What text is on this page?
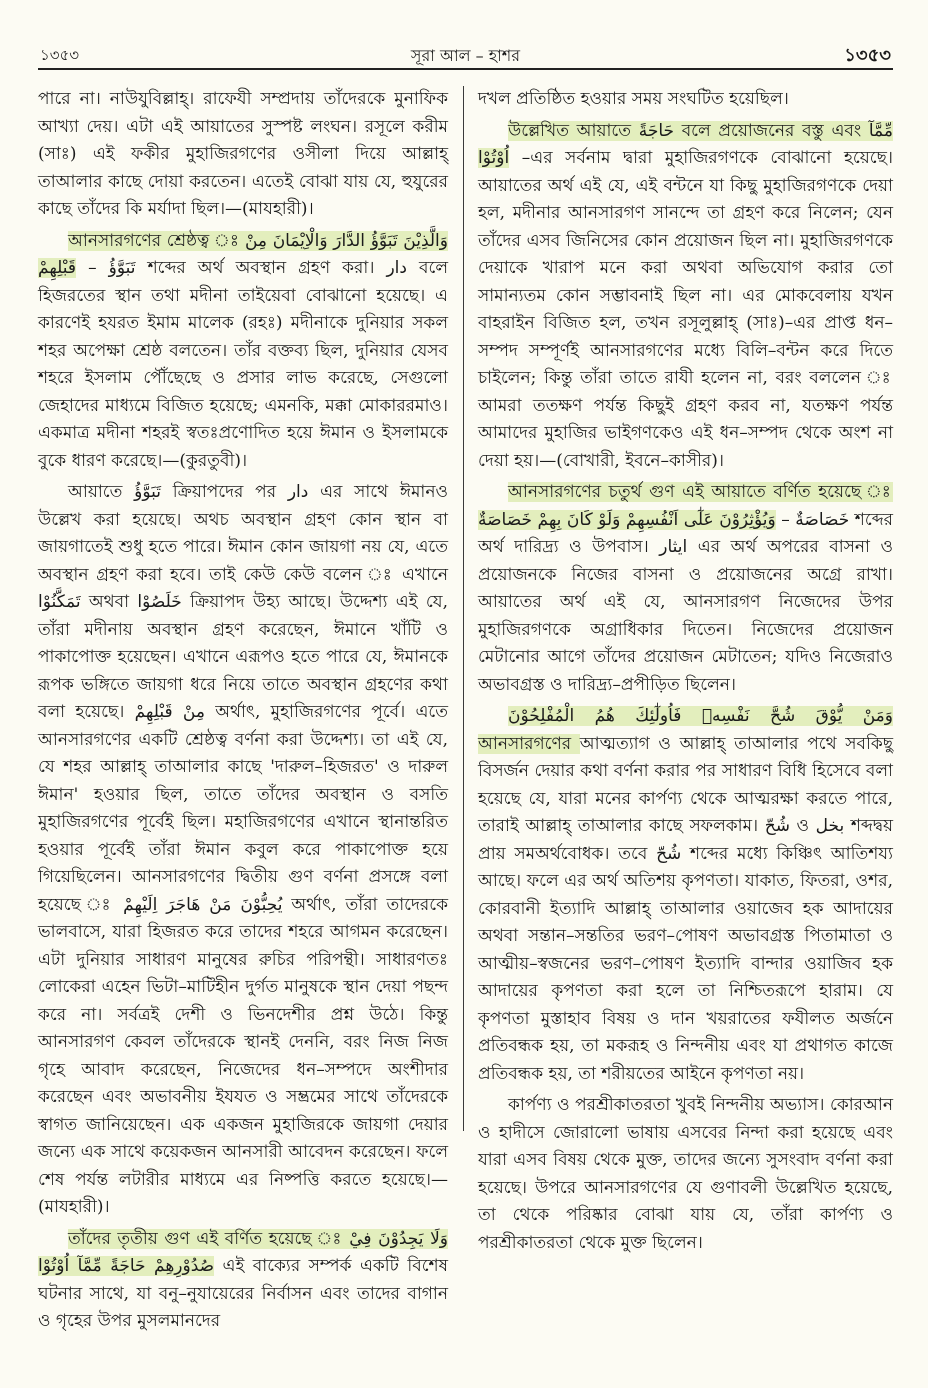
১৩৫৩	সূরা আল – হাশর	১৩৫৩

পারে না। নাউযুবিল্লাহ্। রাফেযী সম্প্রদায় তাঁদেরকে মুনাফিক আখ্যা দেয়। এটা এই আয়াতের সুস্পষ্ট লংঘন। রসূলে করীম (সাঃ) এই ফকীর মুহাজিরগণের ওসীলা দিয়ে আল্লাহ্ তাআলার কাছে দোয়া করতেন। এতেই বোঝা যায় যে, হুযুরের কাছে তাঁদের কি মর্যাদা ছিল।—(মাযহারী)।

আনসারগণের শ্রেষ্ঠত্ব ঃ وَالَّذِيْنَ تَبَوَّؤُ الدَّارَ وَالْاِيْمَانَ مِنْ قَبْلِهِمْ – تَبَوَّؤُ শব্দের অর্থ অবস্থান গ্রহণ করা। دار বলে হিজরতের স্থান তথা মদীনা তাইয়েবা বোঝানো হয়েছে। এ কারণেই হযরত ইমাম মালেক (রহঃ) মদীনাকে দুনিয়ার সকল শহর অপেক্ষা শ্রেষ্ঠ বলতেন। তাঁর বক্তব্য ছিল, দুনিয়ার যেসব শহরে ইসলাম পৌঁছেছে ও প্রসার লাভ করেছে, সেগুলো জেহাদের মাধ্যমে বিজিত হয়েছে; এমনকি, মক্কা মোকাররমাও। একমাত্র মদীনা শহরই স্বতঃপ্রণোদিত হয়ে ঈমান ও ইসলামকে বুকে ধারণ করেছে।—(কুরতুবী)।

আয়াতে تَبَوَّؤُ ক্রিয়াপদের পর دار এর সাথে ঈমানও উল্লেখ করা হয়েছে। অথচ অবস্থান গ্রহণ কোন স্থান বা জায়গাতেই শুধু হতে পারে। ঈমান কোন জায়গা নয় যে, এতে অবস্থান গ্রহণ করা হবে। তাই কেউ কেউ বলেন ঃ এখানে تَمَكَّنُوْا অথবা خَلَصُوْا ক্রিয়াপদ উহ্য আছে। উদ্দেশ্য এই যে, তাঁরা মদীনায় অবস্থান গ্রহণ করেছেন, ঈমানে খাঁটি ও পাকাপোক্ত হয়েছেন। এখানে এরূপও হতে পারে যে, ঈমানকে রূপক ভঙ্গিতে জায়গা ধরে নিয়ে তাতে অবস্থান গ্রহণের কথা বলা হয়েছে। مِنْ قَبْلِهِمْ অর্থাৎ, মুহাজিরগণের পূর্বে। এতে আনসারগণের একটি শ্রেষ্ঠত্ব বর্ণনা করা উদ্দেশ্য। তা এই যে, যে শহর আল্লাহ্ তাআলার কাছে 'দারুল–হিজরত' ও দারুল ঈমান' হওয়ার ছিল, তাতে তাঁদের অবস্থান ও বসতি মুহাজিরগণের পূর্বেই ছিল। মহাজিরগণের এখানে স্থানান্তরিত হওয়ার পূর্বেই তাঁরা ঈমান কবুল করে পাকাপোক্ত হয়ে গিয়েছিলেন। আনসারগণের দ্বিতীয় গুণ বর্ণনা প্রসঙ্গে বলা হয়েছে ঃ يُحِبُّوْنَ مَنْ هَاجَرَ اِلَيْهِمْ অর্থাৎ, তাঁরা তাদেরকে ভালবাসে, যারা হিজরত করে তাদের শহরে আগমন করেছেন। এটা দুনিয়ার সাধারণ মানুষের রুচির পরিপন্থী। সাধারণতঃ লোকেরা এহেন ভিটা–মাটিহীন দুর্গত মানুষকে স্থান দেয়া পছন্দ করে না। সর্বত্রই দেশী ও ভিনদেশীর প্রশ্ন উঠে। কিন্তু আনসারগণ কেবল তাঁদেরকে স্থানই দেননি, বরং নিজ নিজ গৃহে আবাদ করেছেন, নিজেদের ধন–সম্পদে অংশীদার করেছেন এবং অভাবনীয় ইযযত ও সম্ভ্রমের সাথে তাঁদেরকে স্বাগত জানিয়েছেন। এক একজন মুহাজিরকে জায়গা দেয়ার জন্যে এক সাথে কয়েকজন আনসারী আবেদন করেছেন। ফলে শেষ পর্যন্ত লটারীর মাধ্যমে এর নিষ্পত্তি করতে হয়েছে।—(মাযহারী)।

তাঁদের তৃতীয় গুণ এই বর্ণিত হয়েছে ঃ وَلَا يَجِدُوْنَ فِيْ صُدُوْرِهِمْ حَاجَةً مِّمَّآ اُوْتُوْا এই বাক্যের সম্পর্ক একটি বিশেষ ঘটনার সাথে, যা বনু–নুযায়েরের নির্বাসন এবং তাদের বাগান ও গৃহের উপর মুসলমানদের

দখল প্রতিষ্ঠিত হওয়ার সময় সংঘটিত হয়েছিল।

উল্লেখিত আয়াতে حَاجَةً বলে প্রয়োজনের বস্তু এবং مِّمَّآ اُوْتُوْا –এর সর্বনাম দ্বারা মুহাজিরগণকে বোঝানো হয়েছে। আয়াতের অর্থ এই যে, এই বন্টনে যা কিছু মুহাজিরগণকে দেয়া হল, মদীনার আনসারগণ সানন্দে তা গ্রহণ করে নিলেন; যেন তাঁদের এসব জিনিসের কোন প্রয়োজন ছিল না। মুহাজিরগণকে দেয়াকে খারাপ মনে করা অথবা অভিযোগ করার তো সামান্যতম কোন সম্ভাবনাই ছিল না। এর মোকবেলায় যখন বাহরাইন বিজিত হল, তখন রসূলুল্লাহ্ (সাঃ)–এর প্রাপ্ত ধন–সম্পদ সম্পূর্ণই আনসারগণের মধ্যে বিলি–বন্টন করে দিতে চাইলেন; কিন্তু তাঁরা তাতে রাযী হলেন না, বরং বললেন ঃ আমরা ততক্ষণ পর্যন্ত কিছুই গ্রহণ করব না, যতক্ষণ পর্যন্ত আমাদের মুহাজির ভাইগণকেও এই ধন–সম্পদ থেকে অংশ না দেয়া হয়।—(বোখারী, ইবনে–কাসীর)।

আনসারগণের চতুর্থ গুণ এই আয়াতে বর্ণিত হয়েছে ঃ وَيُؤْثِرُوْنَ عَلٰٓى اَنْفُسِهِمْ وَلَوْ كَانَ بِهِمْ خَصَاصَةٌ – خَصَاصَةٌ শব্দের অর্থ দারিদ্র্য ও উপবাস। ايثار এর অর্থ অপরের বাসনা ও প্রয়োজনকে নিজের বাসনা ও প্রয়োজনের অগ্রে রাখা। আয়াতের অর্থ এই যে, আনসারগণ নিজেদের উপর মুহাজিরগণকে অগ্রাধিকার দিতেন। নিজেদের প্রয়োজন মেটানোর আগে তাঁদের প্রয়োজন মেটাতেন; যদিও নিজেরাও অভাবগ্রস্ত ও দারিদ্র্য–প্রপীড়িত ছিলেন।

وَمَنْ يُّوْقَ شُحَّ نَفْسِهٖ فَاُولٰٓئِكَ هُمُ الْمُفْلِحُوْنَ আনসারগণের আত্মত্যাগ ও আল্লাহ্ তাআলার পথে সবকিছু বিসর্জন দেয়ার কথা বর্ণনা করার পর সাধারণ বিধি হিসেবে বলা হয়েছে যে, যারা মনের কার্পণ্য থেকে আত্মরক্ষা করতে পারে, তারাই আল্লাহ্ তাআলার কাছে সফলকাম। شُحّ ও بخل শব্দদ্বয় প্রায় সমঅর্থবোধক। তবে شُحّ শব্দের মধ্যে কিঞ্চিৎ আতিশয্য আছে। ফলে এর অর্থ অতিশয় কৃপণতা। যাকাত, ফিতরা, ওশর, কোরবানী ইত্যাদি আল্লাহ্ তাআলার ওয়াজেব হক আদায়ের অথবা সন্তান–সন্ততির ভরণ–পোষণ অভাবগ্রস্ত পিতামাতা ও আত্মীয়–স্বজনের ভরণ–পোষণ ইত্যাদি বান্দার ওয়াজিব হক আদায়ের কৃপণতা করা হলে তা নিশ্চিতরূপে হারাম। যে কৃপণতা মুস্তাহাব বিষয় ও দান খয়রাতের ফযীলত অর্জনে প্রতিবন্ধক হয়, তা মকরূহ ও নিন্দনীয় এবং যা প্রথাগত কাজে প্রতিবন্ধক হয়, তা শরীয়তের আইনে কৃপণতা নয়।

কার্পণ্য ও পরশ্রীকাতরতা খুবই নিন্দনীয় অভ্যাস। কোরআন ও হাদীসে জোরালো ভাষায় এসবের নিন্দা করা হয়েছে এবং যারা এসব বিষয় থেকে মুক্ত, তাদের জন্যে সুসংবাদ বর্ণনা করা হয়েছে। উপরে আনসারগণের যে গুণাবলী উল্লেখিত হয়েছে, তা থেকে পরিষ্কার বোঝা যায় যে, তাঁরা কার্পণ্য ও পরশ্রীকাতরতা থেকে মুক্ত ছিলেন।
